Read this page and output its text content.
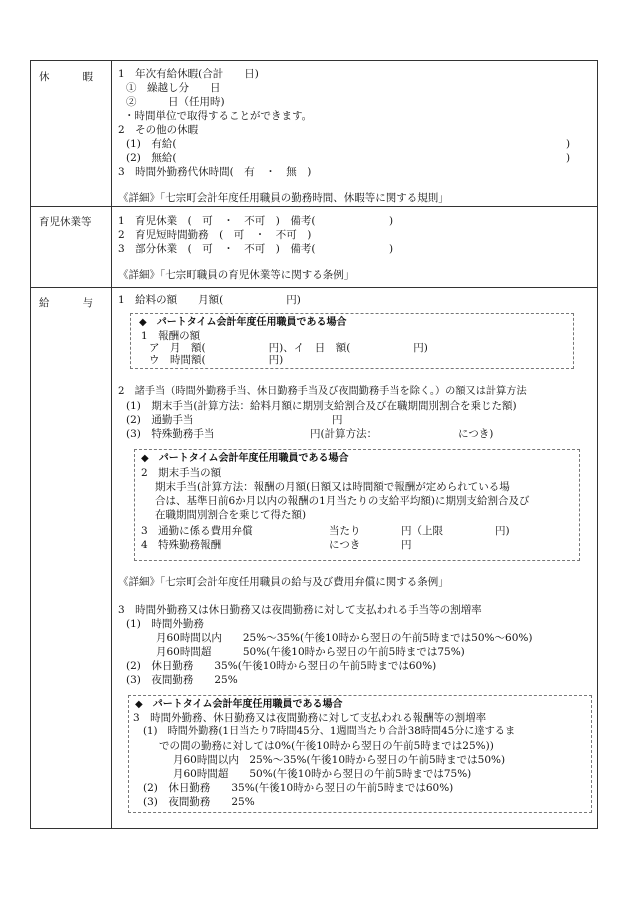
休	暇 1　年次有給休暇(合計　　日)
①　繰越し分　　日
②　　　日（任用時)
・時間単位で取得することができます。
2　その他の休暇
(1)　有給(	)
(2)　無給(	)
3　時間外勤務代休時間(　有　・　無　)
《詳細》「七宗町会計年度任用職員の勤務時間、休暇等に関する規則」
育児休業等	1　育児休業　(　可　・　不可　)　備考(　　　　　　　)
2　育児短時間勤務　(　可　・　不可　)
3　部分休業　(　可　・　不可　)　備考(　　　　　　　)
《詳細》「七宗町職員の育児休業等に関する条例」
給	与 1　給料の額　　月額(　　　　　　円)
◆　パートタイム会計年度任用職員である場合
1　報酬の額
ア　月　額(　　　　　　円)、イ　日　額(　　　　　　円)
ウ　時間額(　　　　　　円)
2　諸手当（時間外勤務手当、休日勤務手当及び夜間勤務手当を除く。）の額又は計算方法
(1)　期末手当(計算方法：給料月額に期別支給割合及び在職期間別割合を乗じた額)
(2)　通勤手当	円
(3)　特殊勤務手当	円(計算方法：	につき)
◆　パートタイム会計年度任用職員である場合
2　期末手当の額
期末手当(計算方法：報酬の月額(日額又は時間額で報酬が定められている場
合は、基準日前6か月以内の報酬の1月当たりの支給平均額)に期別支給割合及び
在職期間別割合を乗じて得た額)
3　通勤に係る費用弁償	当たり	円（上限	円)
4　特殊勤務報酬	につき	円
《詳細》「七宗町会計年度任用職員の給与及び費用弁償に関する条例」
3　時間外勤務又は休日勤務又は夜間勤務に対して支払われる手当等の割増率
(1)　時間外勤務
月60時間以内　　25%～35%(午後10時から翌日の午前5時までは50%～60%)
月60時間超　　　50%(午後10時から翌日の午前5時までは75%)
(2)　休日勤務　　35%(午後10時から翌日の午前5時までは60%)
(3)　夜間勤務　　25%
◆　パートタイム会計年度任用職員である場合
3　時間外勤務、休日勤務又は夜間勤務に対して支払われる報酬等の割増率
(1)　時間外勤務(1日当たり7時間45分、1週間当たり合計38時間45分に達するま
での間の勤務に対しては0%(午後10時から翌日の午前5時までは25%))
月60時間以内　25%～35%(午後10時から翌日の午前5時までは50%)
月60時間超　　50%(午後10時から翌日の午前5時までは75%)
(2)　休日勤務　　35%(午後10時から翌日の午前5時までは60%)
(3)　夜間勤務　　25%
